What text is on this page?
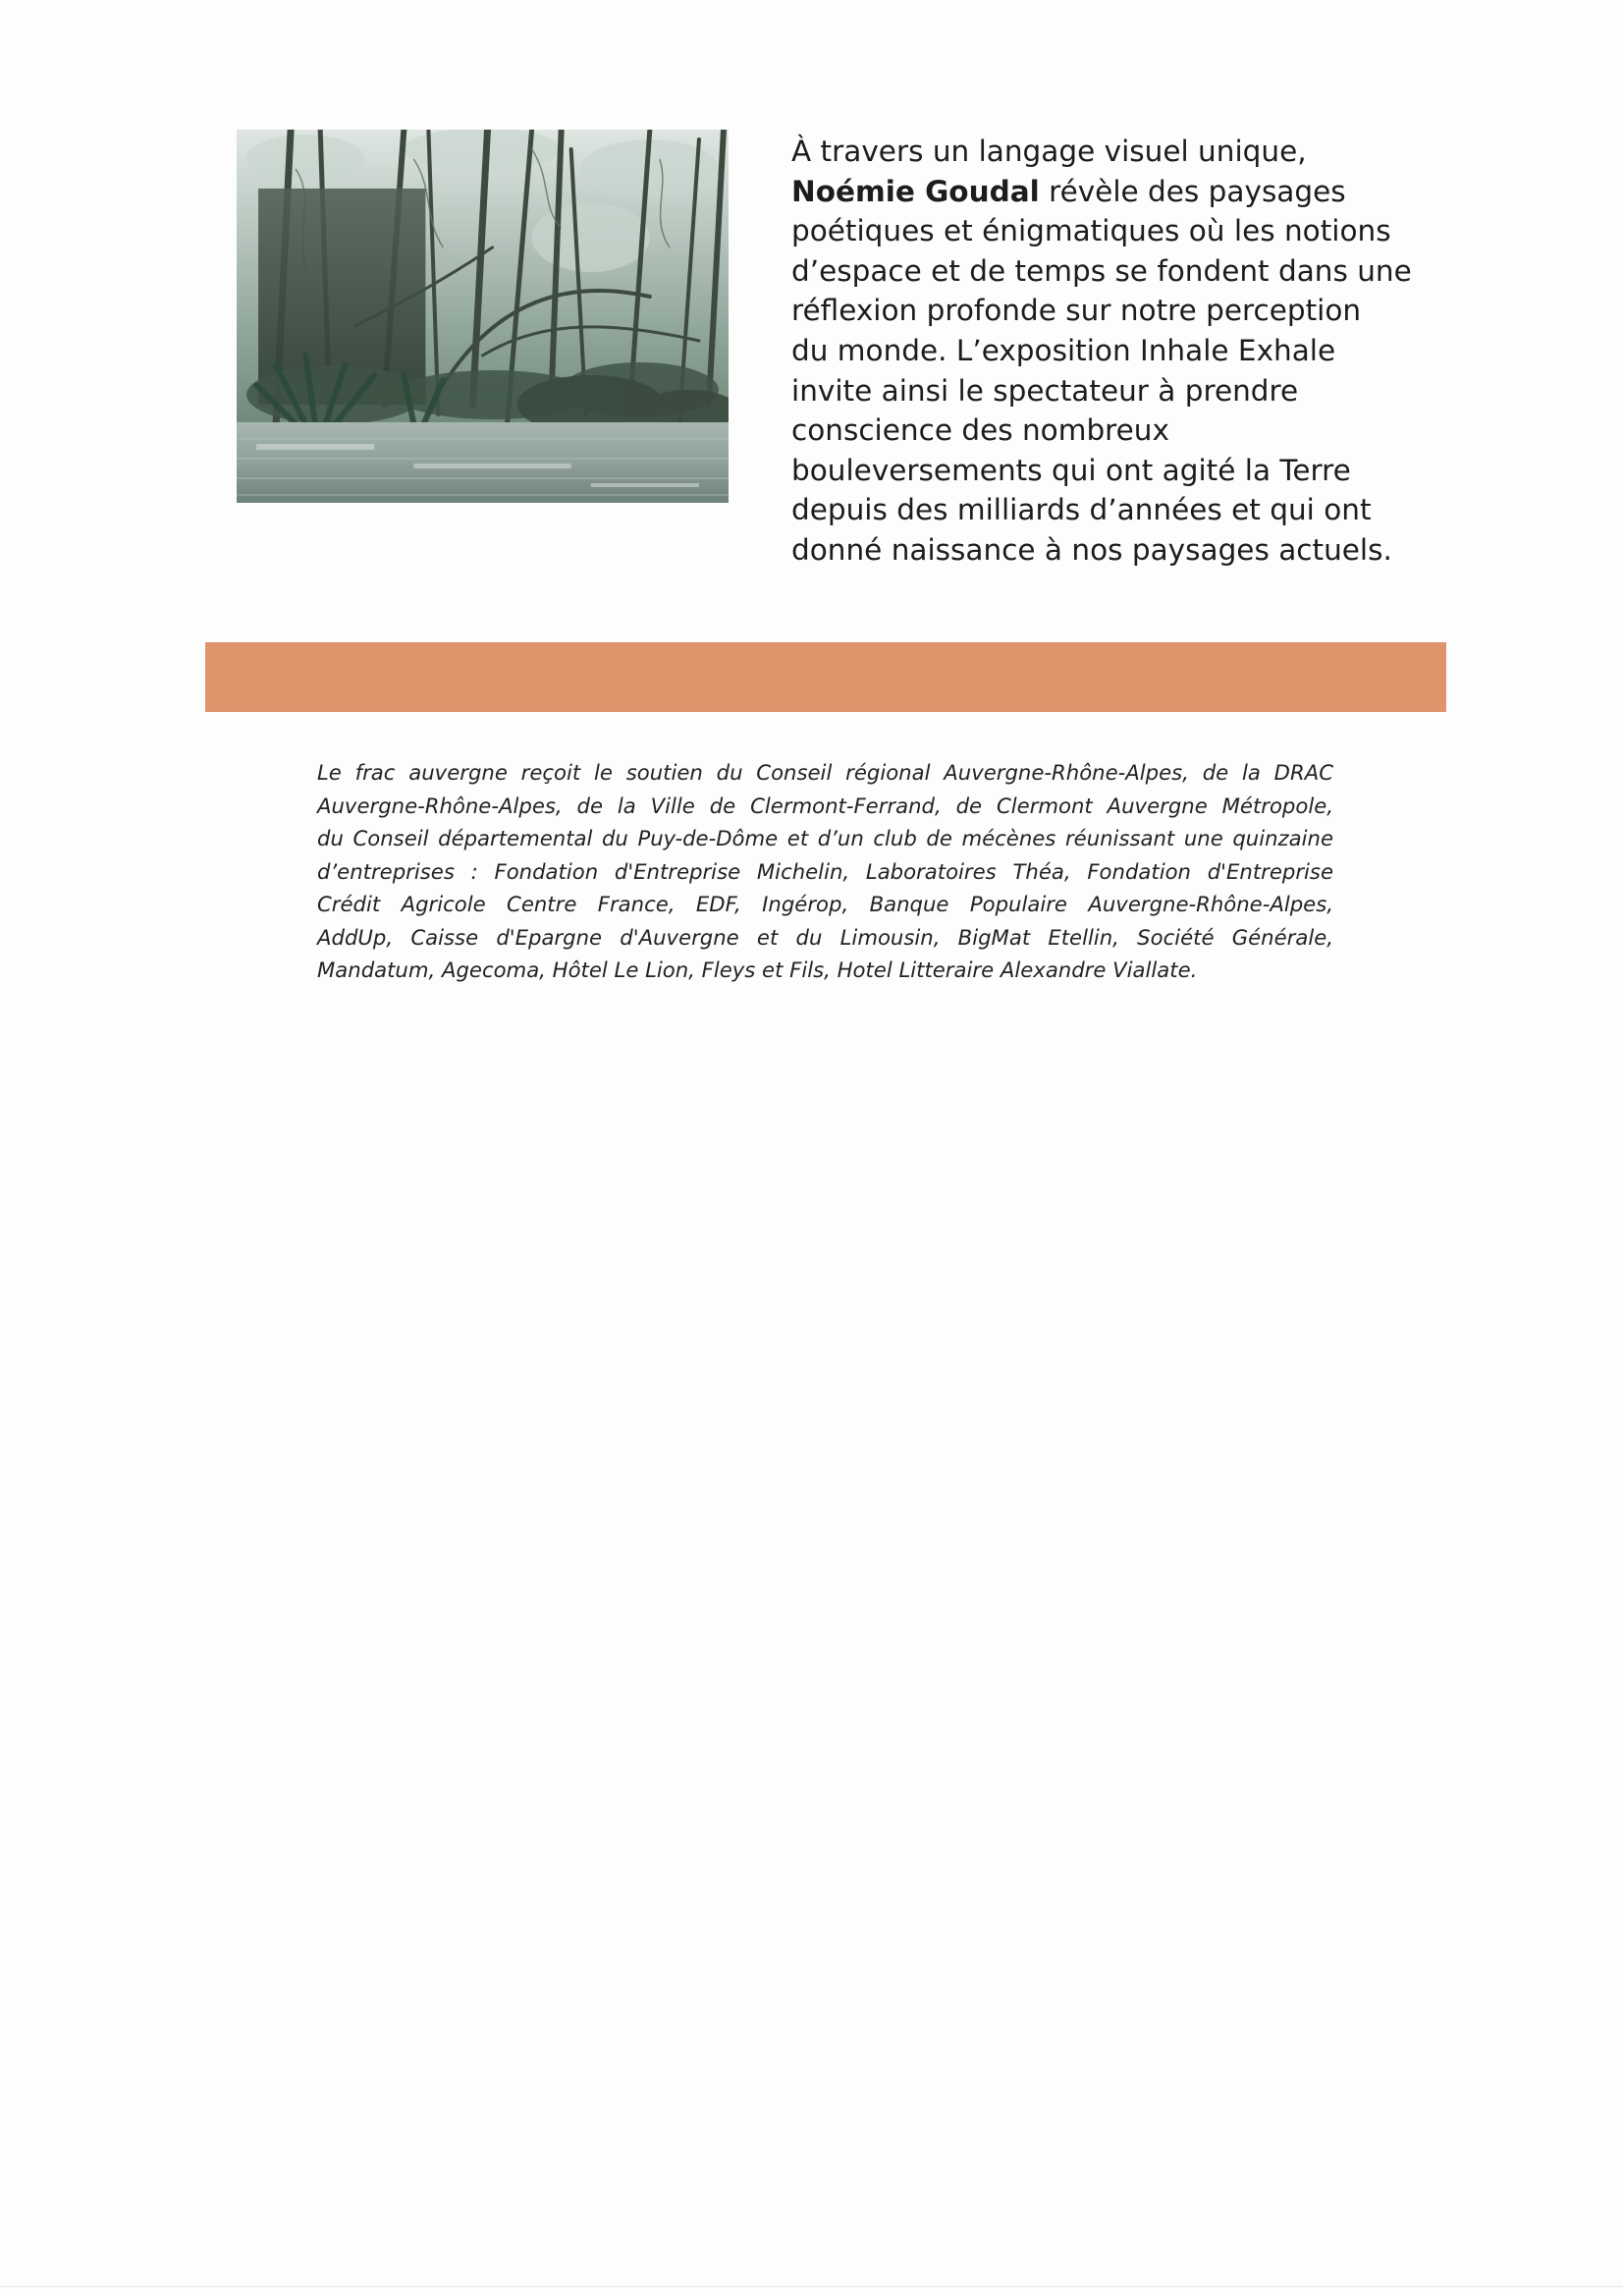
À travers un langage visuel unique,
Noémie Goudal révèle des paysages
poétiques et énigmatiques où les notions
d’espace et de temps se fondent dans une
réflexion profonde sur notre perception
du monde. L’exposition Inhale Exhale
invite ainsi le spectateur à prendre
conscience des nombreux
bouleversements qui ont agité la Terre
depuis des milliards d’années et qui ont
donné naissance à nos paysages actuels.

Le frac auvergne reçoit le soutien du Conseil régional Auvergne-Rhône-Alpes, de la DRAC
Auvergne-Rhône-Alpes, de la Ville de Clermont-Ferrand, de Clermont Auvergne Métropole,
du Conseil départemental du Puy-de-Dôme et d’un club de mécènes réunissant une quinzaine
d’entreprises : Fondation d'Entreprise Michelin, Laboratoires Théa, Fondation d'Entreprise
Crédit Agricole Centre France, EDF, Ingérop, Banque Populaire Auvergne-Rhône-Alpes,
AddUp, Caisse d'Epargne d'Auvergne et du Limousin, BigMat Etellin, Société Générale,
Mandatum, Agecoma, Hôtel Le Lion, Fleys et Fils, Hotel Litteraire Alexandre Viallate.
